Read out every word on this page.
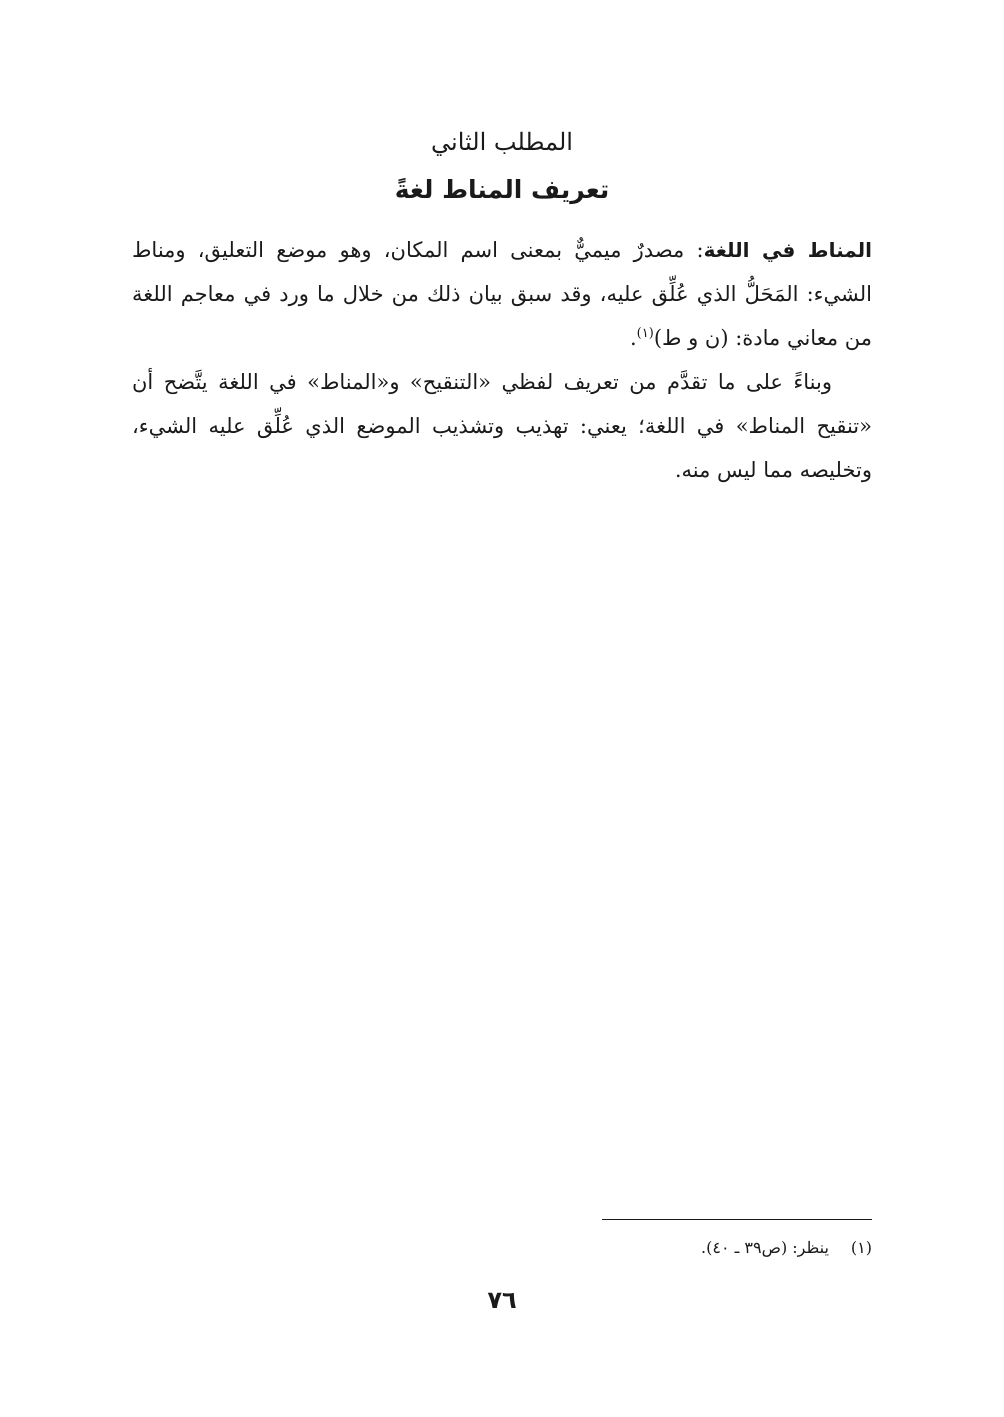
المطلب الثاني
تعريف المناط لغةً

المناط في اللغة: مصدرٌ ميميٌّ بمعنى اسم المكان، وهو موضع التعليق، ومناط الشيء: المَحَلُّ الذي عُلِّق عليه، وقد سبق بيان ذلك من خلال ما ورد في معاجم اللغة من معاني مادة: (ن و ط)$^{(١)}$.

وبناءً على ما تقدَّم من تعريف لفظي «التنقيح» و«المناط» في اللغة يتَّضح أن «تنقيح المناط» في اللغة؛ يعني: تهذيب وتشذيب الموضع الذي عُلِّق عليه الشيء، وتخليصه مما ليس منه.

(١)ينظر: (ص٣٩ ـ ٤٠).
٧٦
